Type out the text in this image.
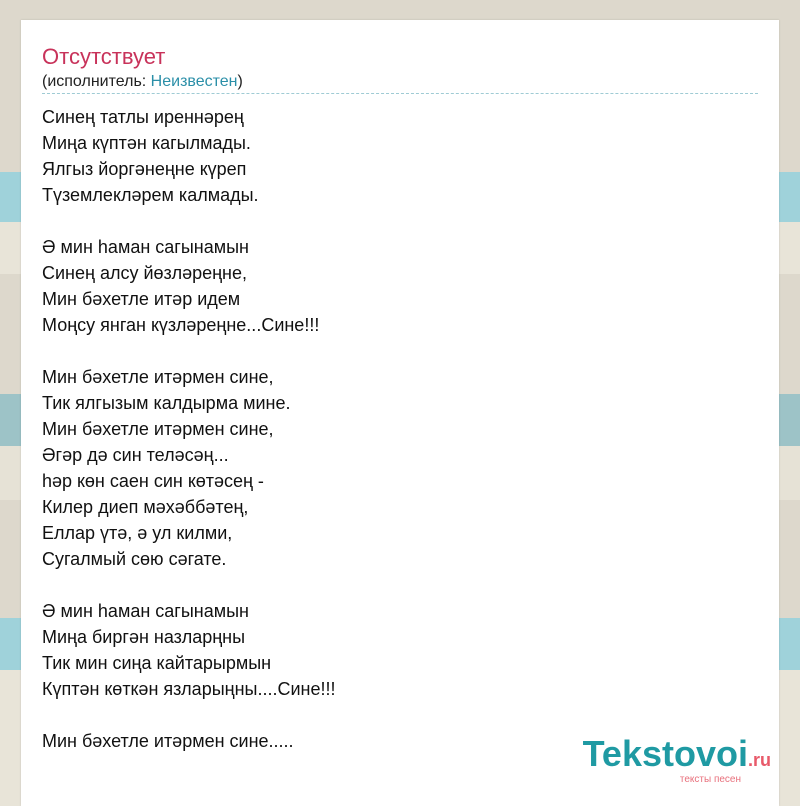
Отсутствует
(исполнитель: Неизвестен)
Синең татлы иреннәрең
Миңа күптән кагылмады.
Ялгыз йоргәнеңне күреп
Түземлекләрем калмады.
Ә мин һаман сагынамын
Синең алсу йөзләреңне,
Мин бәхетле итәр идем
Моңсу янган күзләреңне...Сине!!!
Мин бәхетле итәрмен сине,
Тик ялгызым калдырма мине.
Мин бәхетле итәрмен сине,
Әгәр дә син теләсәң...
һәр көн саен син көтәсең -
Килер диеп мәхәббәтең,
Еллар үтә, ә ул килми,
Сугалмый сөю сәгате.
Ә мин һаман сагынамын
Миңа биргән назларңны
Тик мин сиңа кайтарырмын
Күптән көткән язларыңны....Сине!!!
Мин бәхетле итәрмен сине.....	Tekstovoi.ru
тексты песен
